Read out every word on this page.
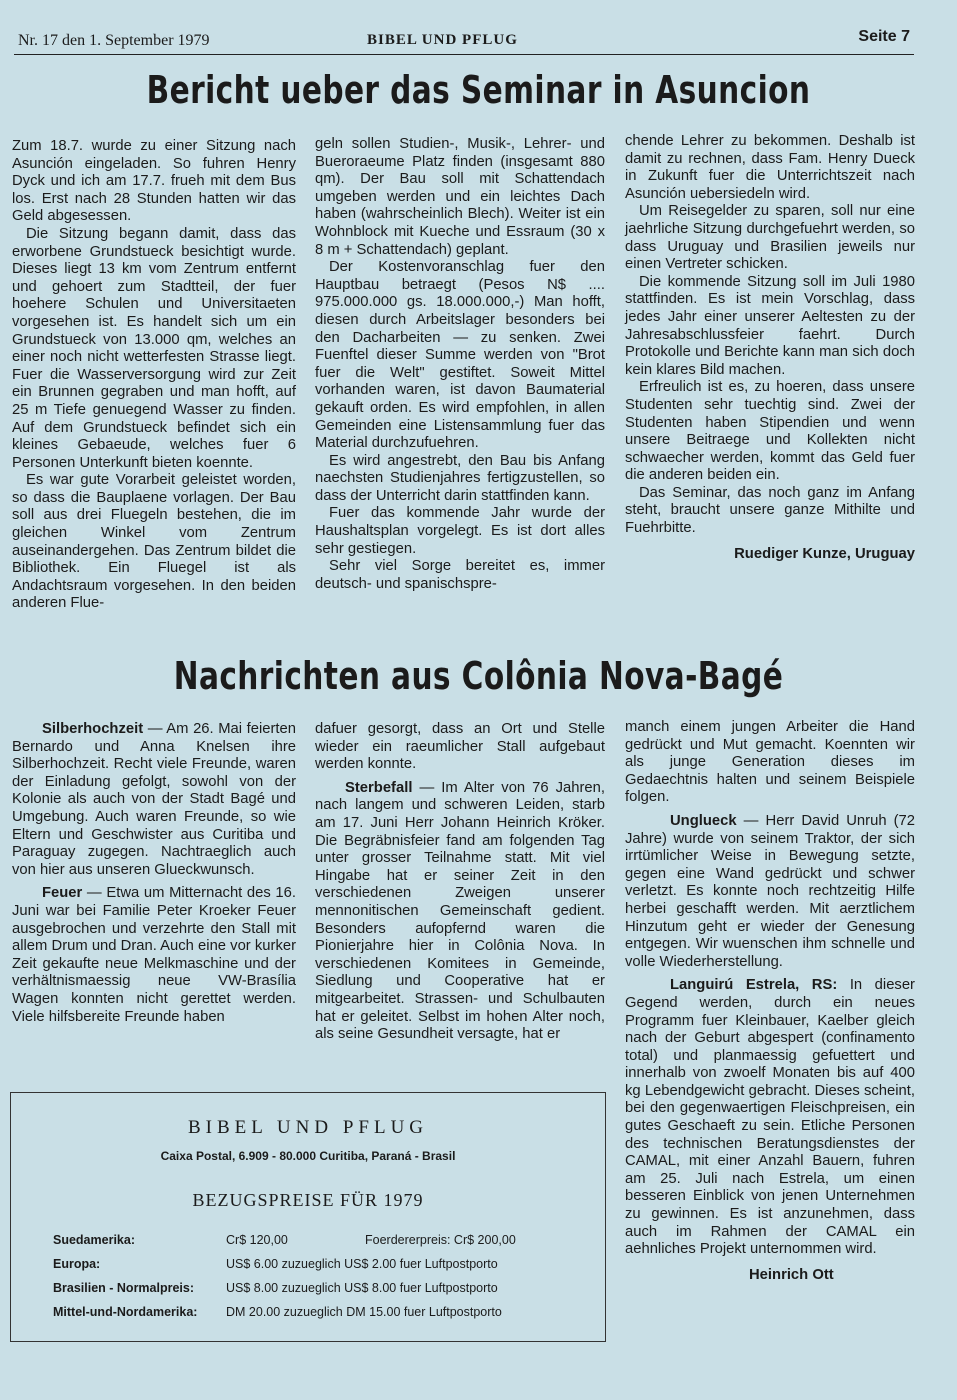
Nr. 17 den 1. September 1979	BIBEL UND PFLUG	Seite 7
Bericht ueber das Seminar in Asuncion

Zum 18.7. wurde zu einer Sitzung nach Asunción eingeladen. So fuhren Henry Dyck und ich am 17.7. frueh mit dem Bus los. Erst nach 28 Stunden hatten wir das Geld abgesessen.

Die Sitzung begann damit, dass das erworbene Grundstueck besichtigt wurde. Dieses liegt 13 km vom Zentrum entfernt und gehoert zum Stadtteil, der fuer hoehere Schulen und Universitaeten vorgesehen ist. Es handelt sich um ein Grundstueck von 13.000 qm, welches an einer noch nicht wetterfesten Strasse liegt. Fuer die Wasserversorgung wird zur Zeit ein Brunnen gegraben und man hofft, auf 25 m Tiefe genuegend Wasser zu finden. Auf dem Grundstueck befindet sich ein kleines Gebaeude, welches fuer 6 Personen Unterkunft bieten koennte.

Es war gute Vorarbeit geleistet worden, so dass die Bauplaene vorlagen. Der Bau soll aus drei Fluegeln bestehen, die im gleichen Winkel vom Zentrum auseinandergehen. Das Zentrum bildet die Bibliothek. Ein Fluegel ist als Andachtsraum vorgesehen. In den beiden anderen Flue-

geln sollen Studien-, Musik-, Lehrer- und Bueroraeume Platz finden (insgesamt 880 qm). Der Bau soll mit Schattendach umgeben werden und ein leichtes Dach haben (wahrscheinlich Blech). Weiter ist ein Wohnblock mit Kueche und Essraum (30 x 8 m + Schattendach) geplant.

Der Kostenvoranschlag fuer den Hauptbau betraegt (Pesos N$ .... 975.000.000 gs. 18.000.000,-) Man hofft, diesen durch Arbeitslager besonders bei den Dacharbeiten — zu senken. Zwei Fuenftel dieser Summe werden von "Brot fuer die Welt" gestiftet. Soweit Mittel vorhanden waren, ist davon Baumaterial gekauft orden. Es wird empfohlen, in allen Gemeinden eine Listensammlung fuer das Material durchzufuehren.

Es wird angestrebt, den Bau bis Anfang naechsten Studienjahres fertigzustellen, so dass der Unterricht darin stattfinden kann.

Fuer das kommende Jahr wurde der Haushaltsplan vorgelegt. Es ist dort alles sehr gestiegen.

Sehr viel Sorge bereitet es, immer deutsch- und spanischspre-

chende Lehrer zu bekommen. Deshalb ist damit zu rechnen, dass Fam. Henry Dueck in Zukunft fuer die Unterrichtszeit nach Asunción uebersiedeln wird.

Um Reisegelder zu sparen, soll nur eine jaehrliche Sitzung durchgefuehrt werden, so dass Uruguay und Brasilien jeweils nur einen Vertreter schicken.

Die kommende Sitzung soll im Juli 1980 stattfinden. Es ist mein Vorschlag, dass jedes Jahr einer unserer Aeltesten zu der Jahresabschlussfeier faehrt. Durch Protokolle und Berichte kann man sich doch kein klares Bild machen.

Erfreulich ist es, zu hoeren, dass unsere Studenten sehr tuechtig sind. Zwei der Studenten haben Stipendien und wenn unsere Beitraege und Kollekten nicht schwaecher werden, kommt das Geld fuer die anderen beiden ein.

Das Seminar, das noch ganz im Anfang steht, braucht unsere ganze Mithilte und Fuehrbitte.

Ruediger Kunze, Uruguay

Nachrichten aus Colônia Nova-Bagé

Silberhochzeit — Am 26. Mai feierten Bernardo und Anna Knelsen ihre Silberhochzeit. Recht viele Freunde, waren der Einladung gefolgt, sowohl von der Kolonie als auch von der Stadt Bagé und Umgebung. Auch waren Freunde, so wie Eltern und Geschwister aus Curitiba und Paraguay zugegen. Nachtraeglich auch von hier aus unseren Glueckwunsch.

Feuer — Etwa um Mitternacht des 16. Juni war bei Familie Peter Kroeker Feuer ausgebrochen und verzehrte den Stall mit allem Drum und Dran. Auch eine vor kurker Zeit gekaufte neue Melkmaschine und der verhältnismaessig neue VW-Brasília Wagen konnten nicht gerettet werden. Viele hilfsbereite Freunde haben

dafuer gesorgt, dass an Ort und Stelle wieder ein raeumlicher Stall aufgebaut werden konnte.

Sterbefall — Im Alter von 76 Jahren, nach langem und schweren Leiden, starb am 17. Juni Herr Johann Heinrich Kröker. Die Begräbnisfeier fand am folgenden Tag unter grosser Teilnahme statt. Mit viel Hingabe hat er seiner Zeit in den verschiedenen Zweigen unserer mennonitischen Gemeinschaft gedient. Besonders aufopfernd waren die Pionierjahre hier in Colônia Nova. In verschiedenen Komitees in Gemeinde, Siedlung und Cooperative hat er mitgearbeitet. Strassen- und Schulbauten hat er geleitet. Selbst im hohen Alter noch, als seine Gesundheit versagte, hat er

manch einem jungen Arbeiter die Hand gedrückt und Mut gemacht. Koennten wir als junge Generation dieses im Gedaechtnis halten und seinem Beispiele folgen.

Unglueck — Herr David Unruh (72 Jahre) wurde von seinem Traktor, der sich irrtümlicher Weise in Bewegung setzte, gegen eine Wand gedrückt und schwer verletzt. Es konnte noch rechtzeitig Hilfe herbei geschafft werden. Mit aerztlichem Hinzutum geht er wieder der Genesung entgegen. Wir wuenschen ihm schnelle und volle Wiederherstellung.

Languirú Estrela, RS: In dieser Gegend werden, durch ein neues Programm fuer Kleinbauer, Kaelber gleich nach der Geburt abgespert (confinamento total) und planmaessig gefuettert und innerhalb von zwoelf Monaten bis auf 400 kg Lebendgewicht gebracht. Dieses scheint, bei den gegenwaertigen Fleischpreisen, ein gutes Geschaeft zu sein. Etliche Personen des technischen Beratungsdienstes der CAMAL, mit einer Anzahl Bauern, fuhren am 25. Juli nach Estrela, um einen besseren Einblick von jenen Unternehmen zu gewinnen. Es ist anzunehmen, dass auch im Rahmen der CAMAL ein aehnliches Projekt unternommen wird.

Heinrich Ott

BIBEL UND PFLUG
Caixa Postal, 6.909 - 80.000 Curitiba, Paraná - Brasil
BEZUGSPREISE FÜR 1979
Suedamerika:	Cr$ 120,00	Foerdererpreis: Cr$ 200,00
Europa:	US$ 6.00 zuzueglich US$ 2.00 fuer Luftpostporto
Brasilien - Normalpreis:	US$ 8.00 zuzueglich US$ 8.00 fuer Luftpostporto
Mittel-und-Nordamerika: DM 20.00 zuzueglich DM 15.00 fuer Luftpostporto
